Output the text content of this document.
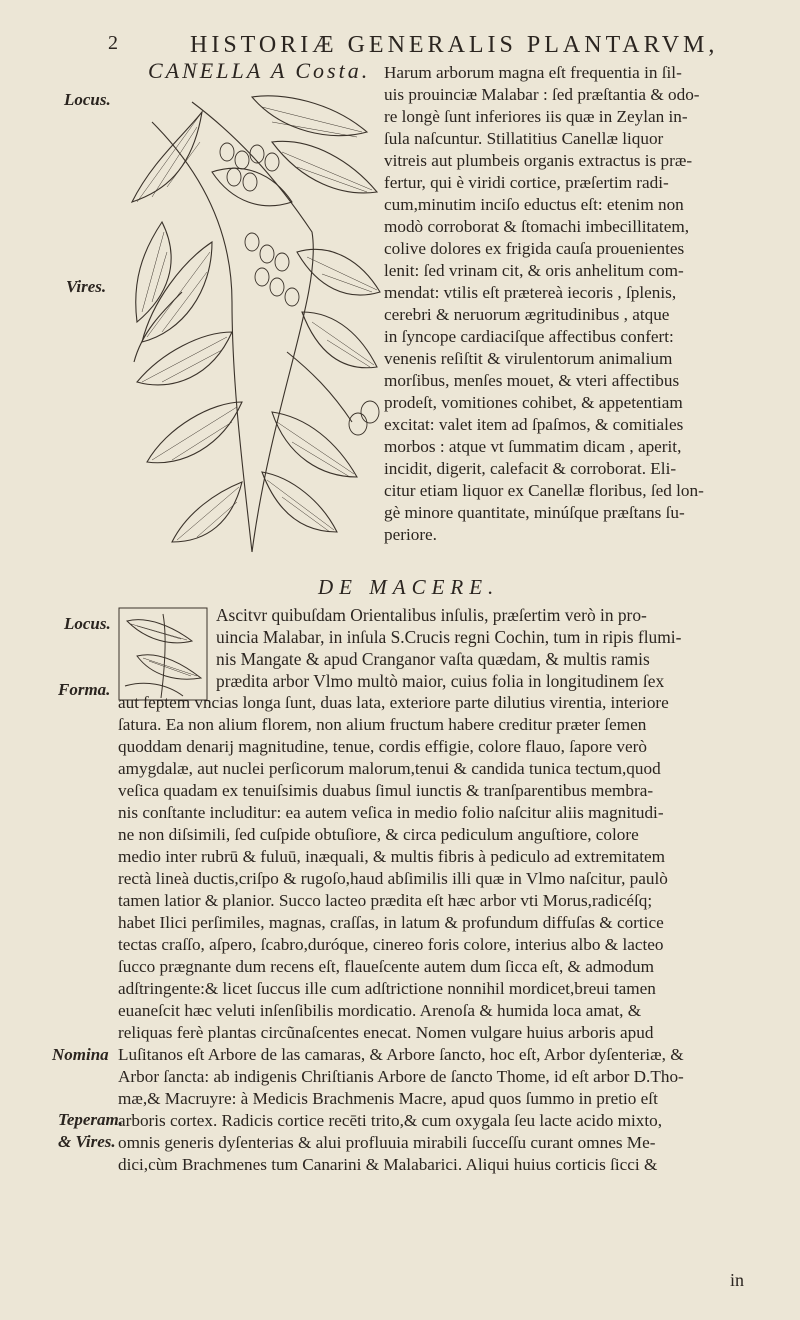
2	HISTORIÆ GENERALIS PLANTARVM,
Locus.
Vires.
Locus.
Forma.
Nomina
Teperam.
& Vires.
CANELLA A Costa. Harum arborum magna eſt frequentia in ſil-
uis prouinciæ Malabar : ſed præſtantia & odo-
re longè ſunt inferiores iis quæ in Zeylan in-
ſula naſcuntur. Stillatitius Canellæ liquor
vitreis aut plumbeis organis extractus is præ-
fertur, qui è viridi cortice, præſertim radi-
cum,minutim inciſo eductus eſt: etenim non
modò corroborat & ſtomachi imbecillitatem,
colive dolores ex frigida cauſa prouenientes
lenit: ſed vrinam cit, & oris anhelitum com-
mendat: vtilis eſt prætereà iecoris , ſplenis,
cerebri & neruorum ægritudinibus , atque
in ſyncope cardiaciſque affectibus confert:
venenis reſiſtit & virulentorum animalium
morſibus, menſes mouet, & vteri affectibus
prodeſt, vomitiones cohibet, & appetentiam
excitat: valet item ad ſpaſmos, & comitiales
morbos : atque vt ſummatim dicam , aperit,
incidit, digerit, calefacit & corroborat. Eli-
citur etiam liquor ex Canellæ floribus, ſed lon-
gè minore quantitate, minúſque præſtans ſu-
periore.
DE MACERE.
Ascitvr quibuſdam Orientalibus inſulis, præſertim verò in pro-
uincia Malabar, in inſula S.Crucis regni Cochin, tum in ripis flumi-
nis Mangate & apud Cranganor vaſta quædam, & multis ramis
prædita arbor Vlmo multò maior, cuius folia in longitudinem ſex
aut ſeptem vncias longa ſunt, duas lata, exteriore parte dilutius virentia, interiore
ſatura. Ea non alium florem, non alium fructum habere creditur præter ſemen
quoddam denarij magnitudine, tenue, cordis effigie, colore flauo, ſapore verò
amygdalæ, aut nuclei perſicorum malorum,tenui & candida tunica tectum,quod
veſica quadam ex tenuiſsimis duabus ſimul iunctis & tranſparentibus membra-
nis conſtante includitur: ea autem veſica in medio folio naſcitur aliis magnitudi-
ne non diſsimili, ſed cuſpide obtuſiore, & circa pediculum anguſtiore, colore
medio inter rubrū & fuluū, inæquali, & multis fibris à pediculo ad extremitatem
rectà lineà ductis,criſpo & rugoſo,haud abſimilis illi quæ in Vlmo naſcitur, paulò
tamen latior & planior. Succo lacteo prædita eſt hæc arbor vti Morus,radicéſq;
habet Ilici perſimiles, magnas, craſſas, in latum & profundum diffuſas & cortice
tectas craſſo, aſpero, ſcabro,duróque, cinereo foris colore, interius albo & lacteo
ſucco prægnante dum recens eſt, flaueſcente autem dum ſicca eſt, & admodum
adſtringente:& licet ſuccus ille cum adſtrictione nonnihil mordicet,breui tamen
euaneſcit hæc veluti inſenſibilis mordicatio. Arenoſa & humida loca amat, &
reliquas ferè plantas circũnaſcentes enecat. Nomen vulgare huius arboris apud
Luſitanos eſt Arbore de las camaras, & Arbore ſancto, hoc eſt, Arbor dyſenteriæ, &
Arbor ſancta: ab indigenis Chriſtianis Arbore de ſancto Thome, id eſt arbor D.Tho-
mæ,& Macruyre: à Medicis Brachmenis Macre, apud quos ſummo in pretio eſt
arboris cortex. Radicis cortice recēti trito,& cum oxygala ſeu lacte acido mixto,
omnis generis dyſenterias & alui profluuia mirabili ſucceſſu curant omnes Me-
dici,cùm Brachmenes tum Canarini & Malabarici. Aliqui huius corticis ſicci &
in
